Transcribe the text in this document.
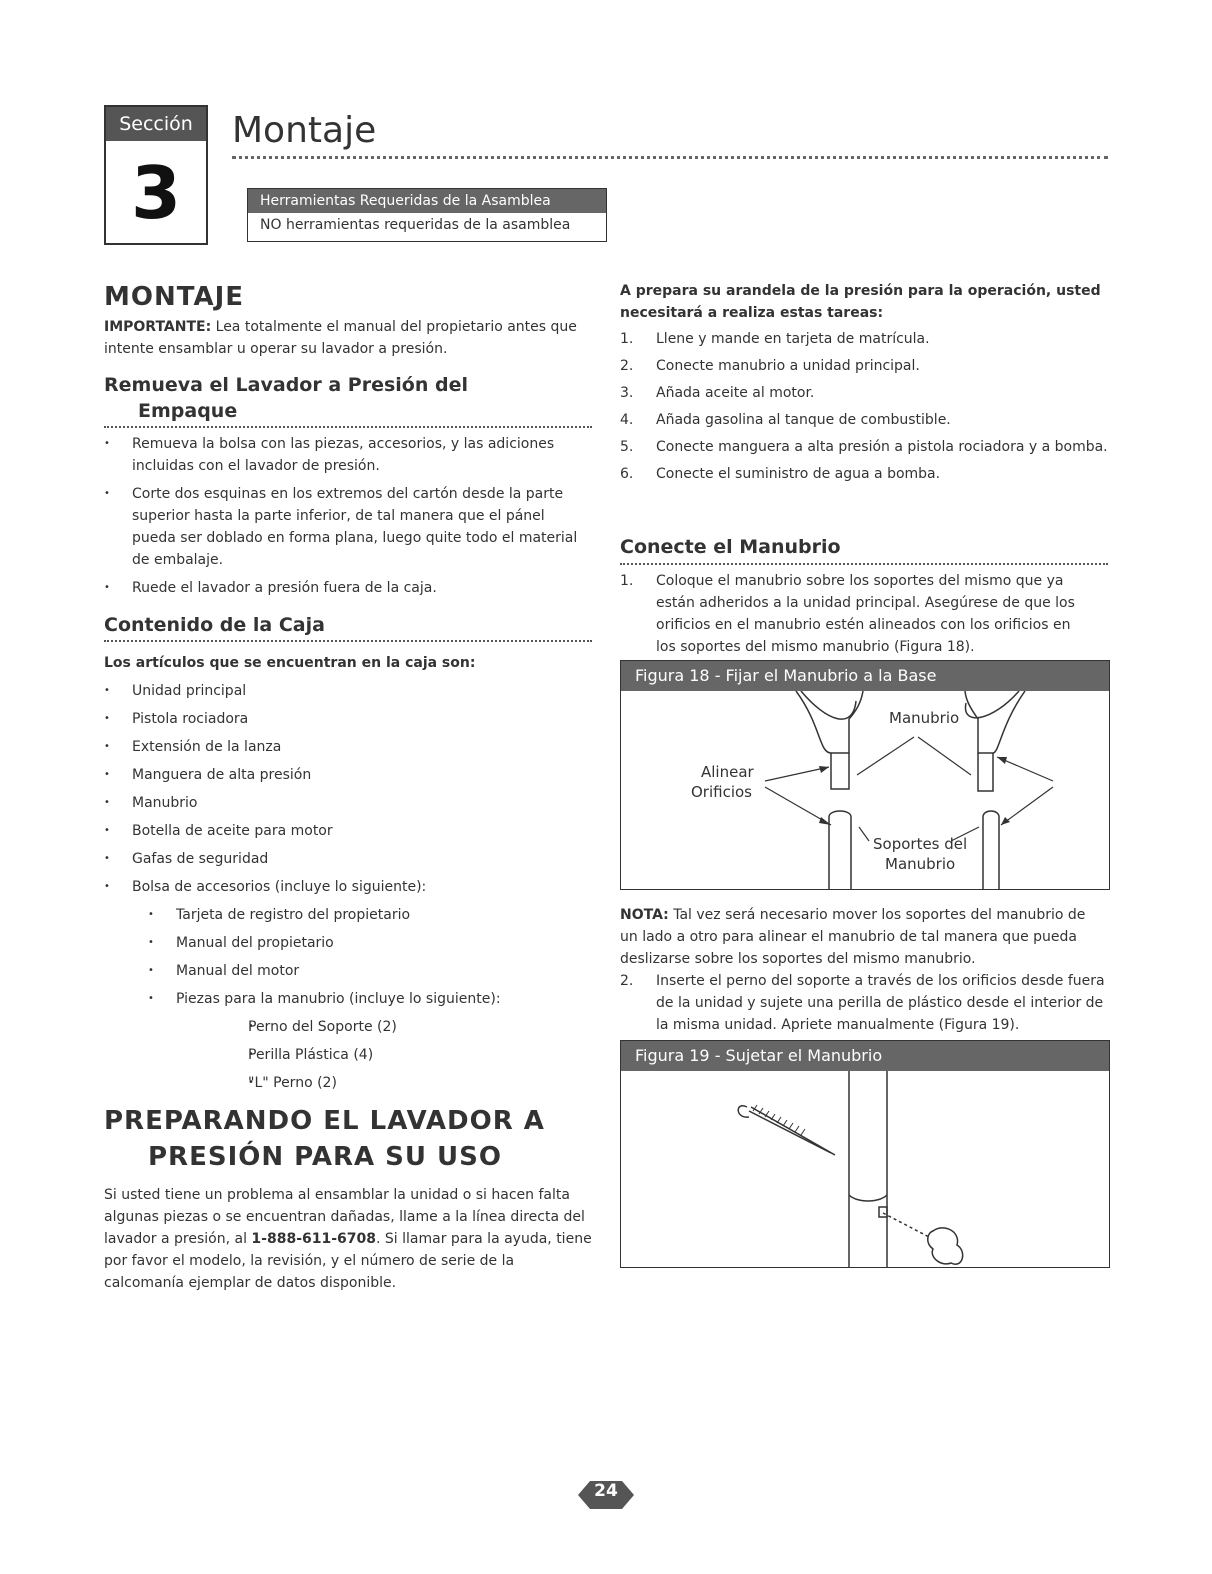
Sección
3
Montaje
Herramientas Requeridas de la Asamblea
NO herramientas requeridas de la asamblea
MONTAJE
IMPORTANTE: Lea totalmente el manual del propietario antes que intente ensamblar u operar su lavador a presión.
Remueva el Lavador a Presión del
Empaque
• Remueva la bolsa con las piezas, accesorios, y las adiciones incluidas con el lavador de presión.
• Corte dos esquinas en los extremos del cartón desde la parte superior hasta la parte inferior, de tal manera que el pánel pueda ser doblado en forma plana, luego quite todo el material de embalaje.
• Ruede el lavador a presión fuera de la caja.
Contenido de la Caja
Los artículos que se encuentran en la caja son:
• Unidad principal
• Pistola rociadora
• Extensión de la lanza
• Manguera de alta presión
• Manubrio
• Botella de aceite para motor
• Gafas de seguridad
• Bolsa de accesorios (incluye lo siguiente):
• Tarjeta de registro del propietario
• Manual del propietario
• Manual del motor
• Piezas para la manubrio (incluye lo siguiente):
• Perno del Soporte (2)
• Perilla Plástica (4)
• "L" Perno (2)
PREPARANDO EL LAVADOR A
PRESIÓN PARA SU USO
Si usted tiene un problema al ensamblar la unidad o si hacen falta algunas piezas o se encuentran dañadas, llame a la línea directa del lavador a presión, al 1-888-611-6708. Si llamar para la ayuda, tiene por favor el modelo, la revisión, y el número de serie de la calcomanía ejemplar de datos disponible.
A prepara su arandela de la presión para la operación, usted necesitará a realiza estas tareas:
1. Llene y mande en tarjeta de matrícula.
2. Conecte manubrio a unidad principal.
3. Añada aceite al motor.
4. Añada gasolina al tanque de combustible.
5. Conecte manguera a alta presión a pistola rociadora y a bomba.
6. Conecte el suministro de agua a bomba.
Conecte el Manubrio
1. Coloque el manubrio sobre los soportes del mismo que ya están adheridos a la unidad principal. Asegúrese de que los orificios en el manubrio estén alineados con los orificios en los soportes del mismo manubrio (Figura 18).
Figura 18 - Fijar el Manubrio a la Base
Manubrio
Alinear
Orificios
Soportes del
Manubrio
NOTA: Tal vez será necesario mover los soportes del manubrio de un lado a otro para alinear el manubrio de tal manera que pueda deslizarse sobre los soportes del mismo manubrio.
2. Inserte el perno del soporte a través de los orificios desde fuera de la unidad y sujete una perilla de plástico desde el interior de la misma unidad. Apriete manualmente (Figura 19).
Figura 19 - Sujetar el Manubrio
24
